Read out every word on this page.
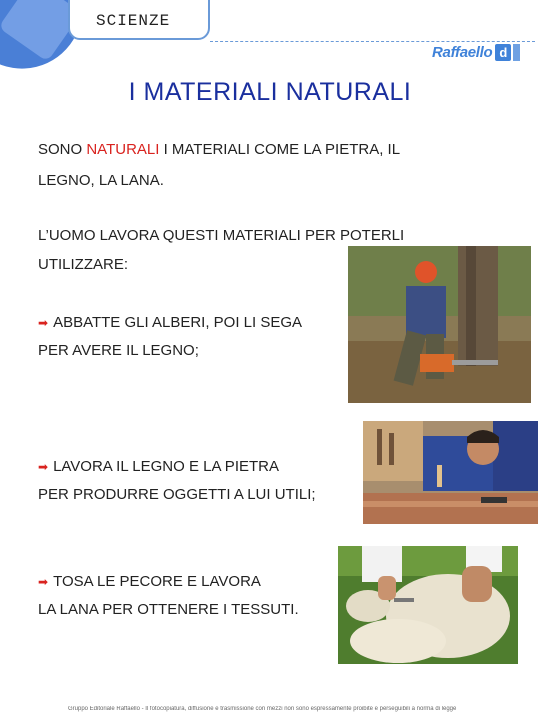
SCIENZE
Raffaello d
I MATERIALI NATURALI
SONO NATURALI I MATERIALI COME LA PIETRA, IL
LEGNO, LA LANA.
L’UOMO LAVORA QUESTI MATERIALI PER POTERLI
UTILIZZARE:
➡ ABBATTE GLI ALBERI, POI LI SEGA
PER AVERE IL LEGNO;
➡ LAVORA IL LEGNO E LA PIETRA
PER PRODURRE OGGETTI A LUI UTILI;
➡ TOSA LE PECORE E LAVORA
LA LANA PER OTTENERE I TESSUTI.
Gruppo Editoriale Raffaello - Il fotocopiatura, diffusione e trasmissione con mezzi non sono espressamente proibite e perseguibili a norma di legge
